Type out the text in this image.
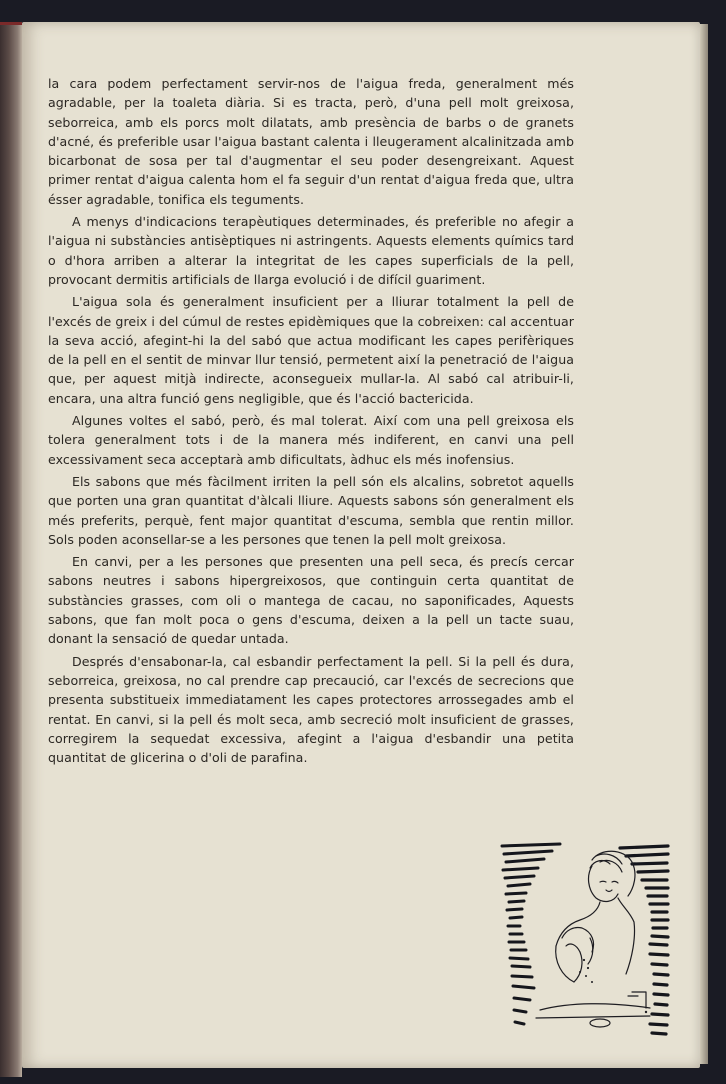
la cara podem perfectament servir-nos de l'aigua freda, generalment més agradable, per la toaleta diària. Si es tracta, però, d'una pell molt greixosa, seborreica, amb els porcs molt dilatats, amb presència de barbs o de granets d'acné, és preferible usar l'aigua bastant calenta i lleugerament alcalinitzada amb bicarbonat de sosa per tal d'augmentar el seu poder desengreixant. Aquest primer rentat d'aigua calenta hom el fa seguir d'un rentat d'aigua freda que, ultra ésser agradable, tonifica els teguments.

A menys d'indicacions terapèutiques determinades, és preferible no afegir a l'aigua ni substàncies antisèptiques ni astringents. Aquests elements químics tard o d'hora arriben a alterar la integritat de les capes superficials de la pell, provocant dermitis artificials de llarga evolució i de difícil guariment.

L'aigua sola és generalment insuficient per a lliurar totalment la pell de l'excés de greix i del cúmul de restes epidèmiques que la cobreixen: cal accentuar la seva acció, afegint-hi la del sabó que actua modificant les capes perifèriques de la pell en el sentit de minvar llur tensió, permetent així la penetració de l'aigua que, per aquest mitjà indirecte, aconsegueix mullar-la. Al sabó cal atribuir-li, encara, una altra funció gens negligible, que és l'acció bactericida.

Algunes voltes el sabó, però, és mal tolerat. Així com una pell greixosa els tolera generalment tots i de la manera més indiferent, en canvi una pell excessivament seca acceptarà amb dificultats, àdhuc els més inofensius.

Els sabons que més fàcilment irriten la pell són els alcalins, sobretot aquells que porten una gran quantitat d'àlcali lliure. Aquests sabons són generalment els més preferits, perquè, fent major quantitat d'escuma, sembla que rentin millor. Sols poden aconsellar-se a les persones que tenen la pell molt greixosa.

En canvi, per a les persones que presenten una pell seca, és precís cercar sabons neutres i sabons hipergreixosos, que continguin certa quantitat de substàncies grasses, com oli o mantega de cacau, no saponificades, Aquests sabons, que fan molt poca o gens d'escuma, deixen a la pell un tacte suau, donant la sensació de quedar untada.

Després d'ensabonar-la, cal esbandir perfectament la pell. Si la pell és dura, seborreica, greixosa, no cal prendre cap precaució, car l'excés de secrecions que presenta substitueix immediatament les capes protectores arrossegades amb el rentat. En canvi, si la pell és molt seca, amb secreció molt insuficient de grasses, corregirem la sequedat excessiva, afegint a l'aigua d'esbandir una petita quantitat de glicerina o d'oli de parafina.
